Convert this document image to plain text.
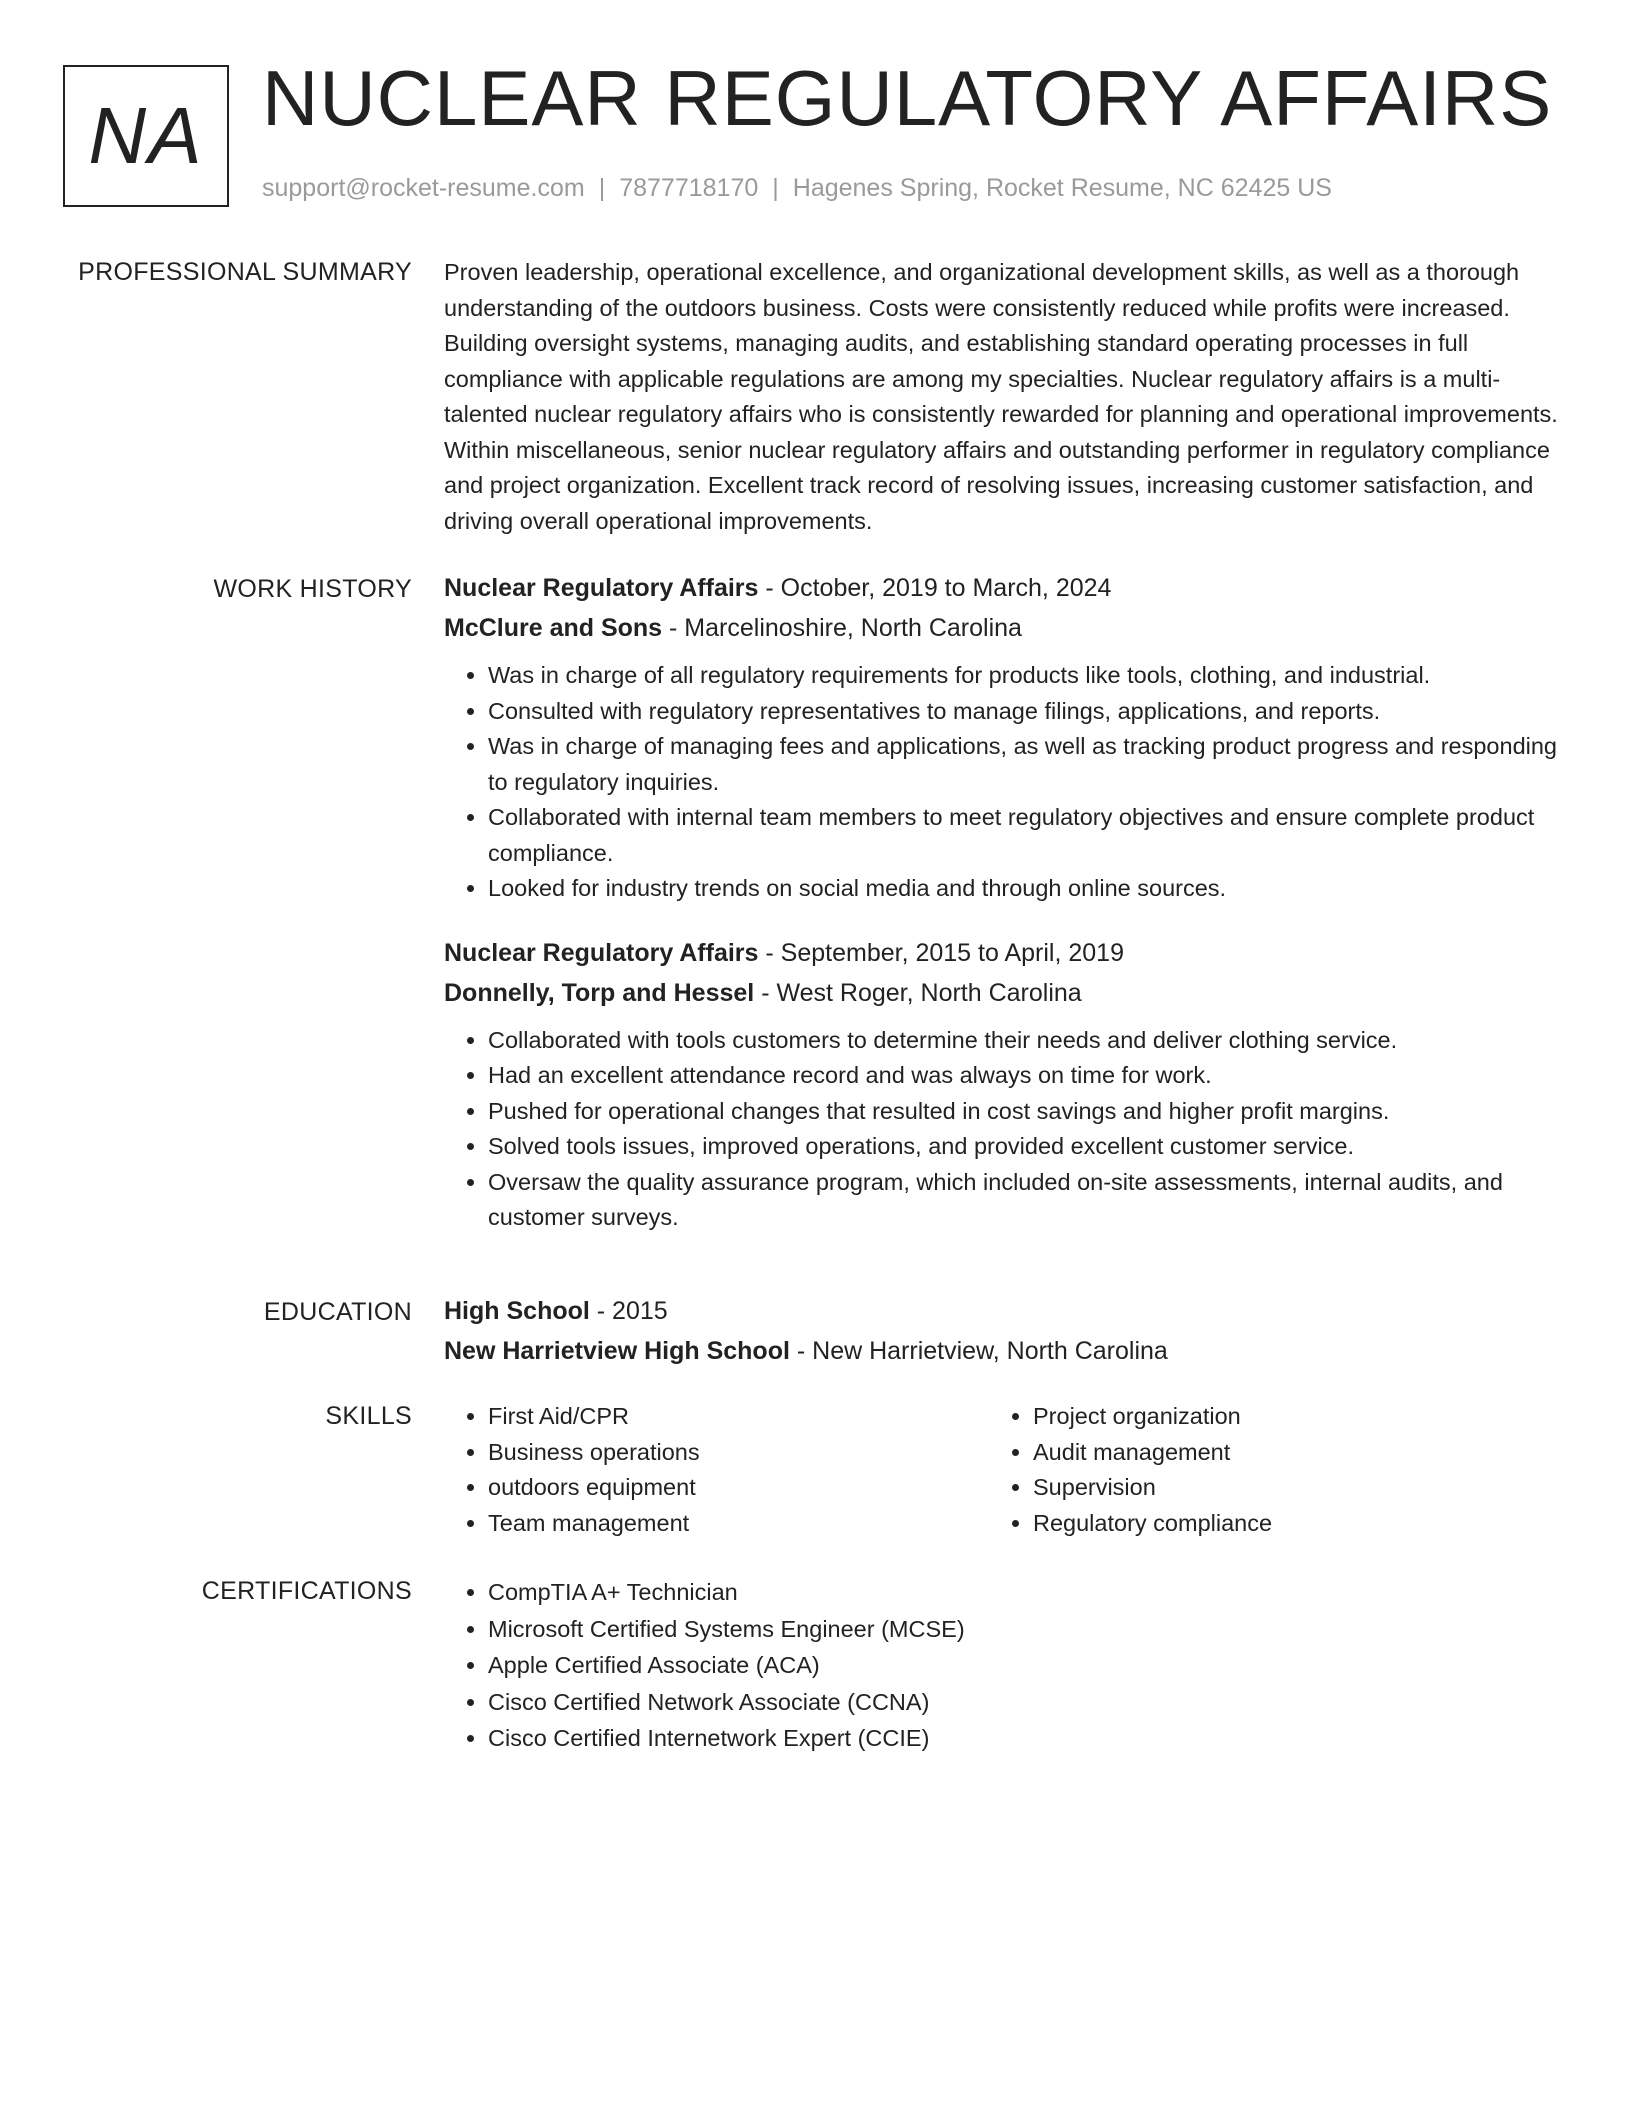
NA NUCLEAR REGULATORY AFFAIRS
support@rocket-resume.com | 7877718170 | Hagenes Spring, Rocket Resume, NC 62425 US
PROFESSIONAL SUMMARY Proven leadership, operational excellence, and organizational development skills, as well as a thorough understanding of the outdoors business. Costs were consistently reduced while profits were increased. Building oversight systems, managing audits, and establishing standard operating processes in full compliance with applicable regulations are among my specialties. Nuclear regulatory affairs is a multi-talented nuclear regulatory affairs who is consistently rewarded for planning and operational improvements. Within miscellaneous, senior nuclear regulatory affairs and outstanding performer in regulatory compliance and project organization. Excellent track record of resolving issues, increasing customer satisfaction, and driving overall operational improvements.

WORK HISTORY Nuclear Regulatory Affairs - October, 2019 to March, 2024
McClure and Sons - Marcelinoshire, North Carolina
• Was in charge of all regulatory requirements for products like tools, clothing, and industrial.
• Consulted with regulatory representatives to manage filings, applications, and reports.
• Was in charge of managing fees and applications, as well as tracking product progress and responding to regulatory inquiries.
• Collaborated with internal team members to meet regulatory objectives and ensure complete product compliance.
• Looked for industry trends on social media and through online sources.
Nuclear Regulatory Affairs - September, 2015 to April, 2019
Donnelly, Torp and Hessel - West Roger, North Carolina
• Collaborated with tools customers to determine their needs and deliver clothing service.
• Had an excellent attendance record and was always on time for work.
• Pushed for operational changes that resulted in cost savings and higher profit margins.
• Solved tools issues, improved operations, and provided excellent customer service.
• Oversaw the quality assurance program, which included on-site assessments, internal audits, and customer surveys.
EDUCATION High School - 2015
New Harrietview High School - New Harrietview, North Carolina
SKILLS	• First Aid/CPR
• Business operations
• outdoors equipment
• Team management
• Project organization
• Audit management
• Supervision
• Regulatory compliance
CERTIFICATIONS	• CompTIA A+ Technician
• Microsoft Certified Systems Engineer (MCSE)
• Apple Certified Associate (ACA)
• Cisco Certified Network Associate (CCNA)
• Cisco Certified Internetwork Expert (CCIE)
